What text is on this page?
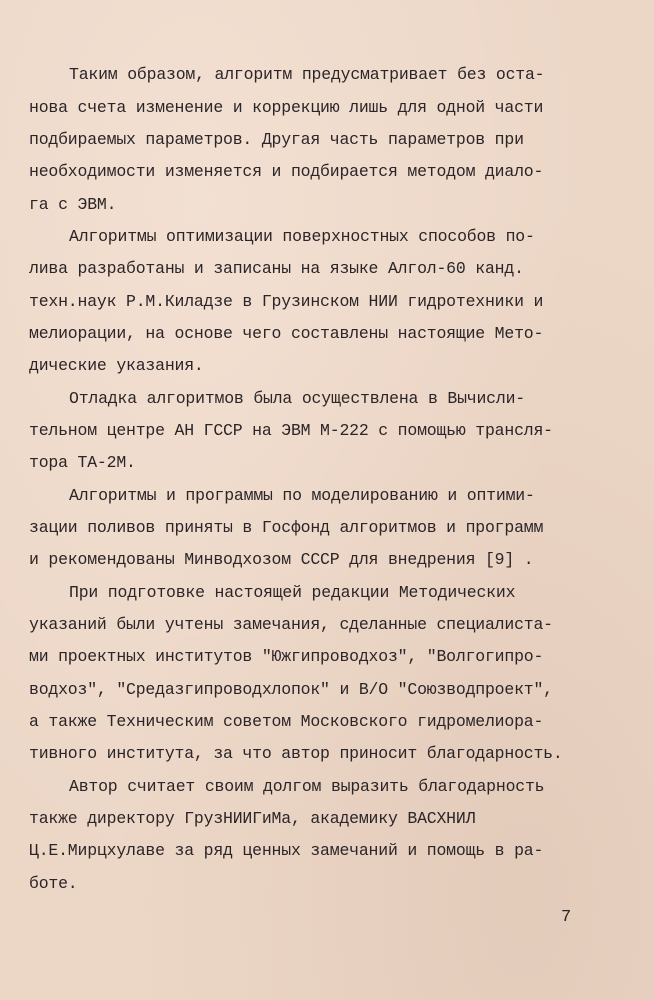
Таким образом, алгоритм предусматривает без оста-
нова счета изменение и коррекцию лишь для одной части
подбираемых параметров. Другая часть параметров при
необходимости изменяется и подбирается методом диало-
га с ЭВМ.
Алгоритмы оптимизации поверхностных способов по-
лива разработаны и записаны на языке Алгол-60 канд.
техн.наук Р.М.Киладзе в Грузинском НИИ гидротехники и
мелиорации, на основе чего составлены настоящие Мето-
дические указания.
Отладка алгоритмов была осуществлена в Вычисли-
тельном центре АН ГССР на ЭВМ М-222 с помощью трансля-
тора ТА-2М.
Алгоритмы и программы по моделированию и оптими-
зации поливов приняты в Госфонд алгоритмов и программ
и рекомендованы Минводхозом СССР для внедрения [9] .
При подготовке настоящей редакции Методических
указаний были учтены замечания, сделанные специалиста-
ми проектных институтов "Южгипроводхоз", "Волгогипро-
водхоз", "Средазгипроводхлопок" и В/О "Союзводпроект",
а также Техническим советом Московского гидромелиора-
тивного института, за что автор приносит благодарность.
Автор считает своим долгом выразить благодарность
также директору ГрузНИИГиМа, академику ВАСХНИЛ
Ц.Е.Мирцхулаве за ряд ценных замечаний и помощь в ра-
боте.
7
